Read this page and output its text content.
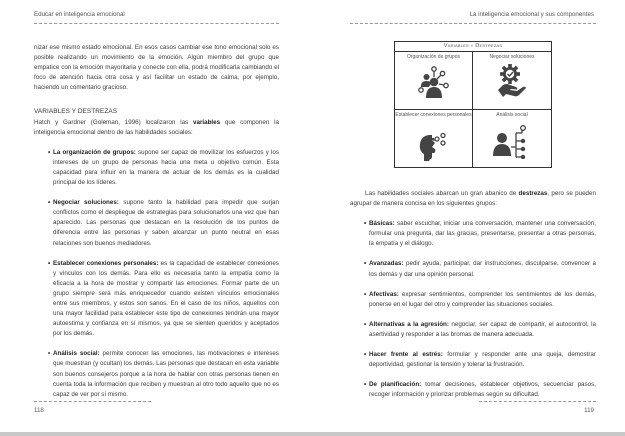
Educar en inteligencia emocional

nizar ese mismo estado emocional. En esos casos cambiar ese tono emocional solo es posible realizando un movimiento de la emoción. Algún miembro del grupo que empatice con la emoción mayoritaria y conecte con ella, podrá modificarla cambiando el foco de atención hacia otra cosa y así facilitar un estado de calma, por ejemplo, haciendo un comentario gracioso.

VARIABLES Y DESTREZAS

Hatch y Gardner (Goleman, 1996) localizaron las variables que componen la inteligencia emocional dentro de las habilidades sociales:

• La organización de grupos: supone ser capaz de movilizar los esfuerzos y los intereses de un grupo de personas hacia una meta u objetivo común. Esta capacidad para influir en la manera de actuar de los demás es la cualidad principal de los líderes.
• Negociar soluciones: supone tanto la habilidad para impedir que surjan conflictos como el despliegue de estrategias para solucionarlos una vez que han aparecido. Las personas que destacan en la resolución de los puntos de diferencia entre las personas y saben alcanzar un punto neutral en esas relaciones son buenos mediadores.
• Establecer conexiones personales: es la capacidad de establecer conexiones y vínculos con los demás. Para ello es necesaria tanto la empatía como la eficacia a la hora de mostrar y compartir las emociones. Formar parte de un grupo siempre será más enriquecedor cuando existen vínculos emocionales entre sus miembros, y estos son sanos. En el caso de los niños, aquellos con una mayor facilidad para establecer este tipo de conexiones tendrán una mayor autoestima y confianza en sí mismos, ya que se sienten queridos y aceptados por los demás.
• Análisis social: permite conocer las emociones, las motivaciones e intereses que muestran (y ocultan) los demás. Las personas que destacan en esta variable son buenos consejeros porque a la hora de hablar con otras personas tienen en cuenta toda la información que reciben y muestran al otro todo aquello que no es capaz de ver por sí mismo.
118
La inteligencia emocional y sus componentes
Variables y Destrezas
Organización de grupos	Negociar soluciones
Establecer conexiones personales	Análisis social

Las habilidades sociales abarcan un gran abanico de destrezas, pero se pueden agrupar de manera concisa en los siguientes grupos:

• Básicas: saber escuchar, iniciar una conversación, mantener una conversación, formular una pregunta, dar las gracias, presentarse, presentar a otras personas, la empatía y el diálogo.
• Avanzadas: pedir ayuda, participar, dar instrucciones, disculparse, convencer a los demás y dar una opinión personal.
• Afectivas: expresar sentimientos, comprender los sentimientos de los demás, ponerse en el lugar del otro y comprender las situaciones sociales.
• Alternativas a la agresión: negociar, ser capaz de compartir, el autocontrol, la asertividad y responder a las bromas de manera adecuada.
• Hacer frente al estrés: formular y responder ante una queja, demostrar deportividad, gestionar la tensión y tolerar la frustración.
• De planificación: tomar decisiones, establecer objetivos, secuenciar pasos, recoger información y priorizar problemas según su dificultad.
119
